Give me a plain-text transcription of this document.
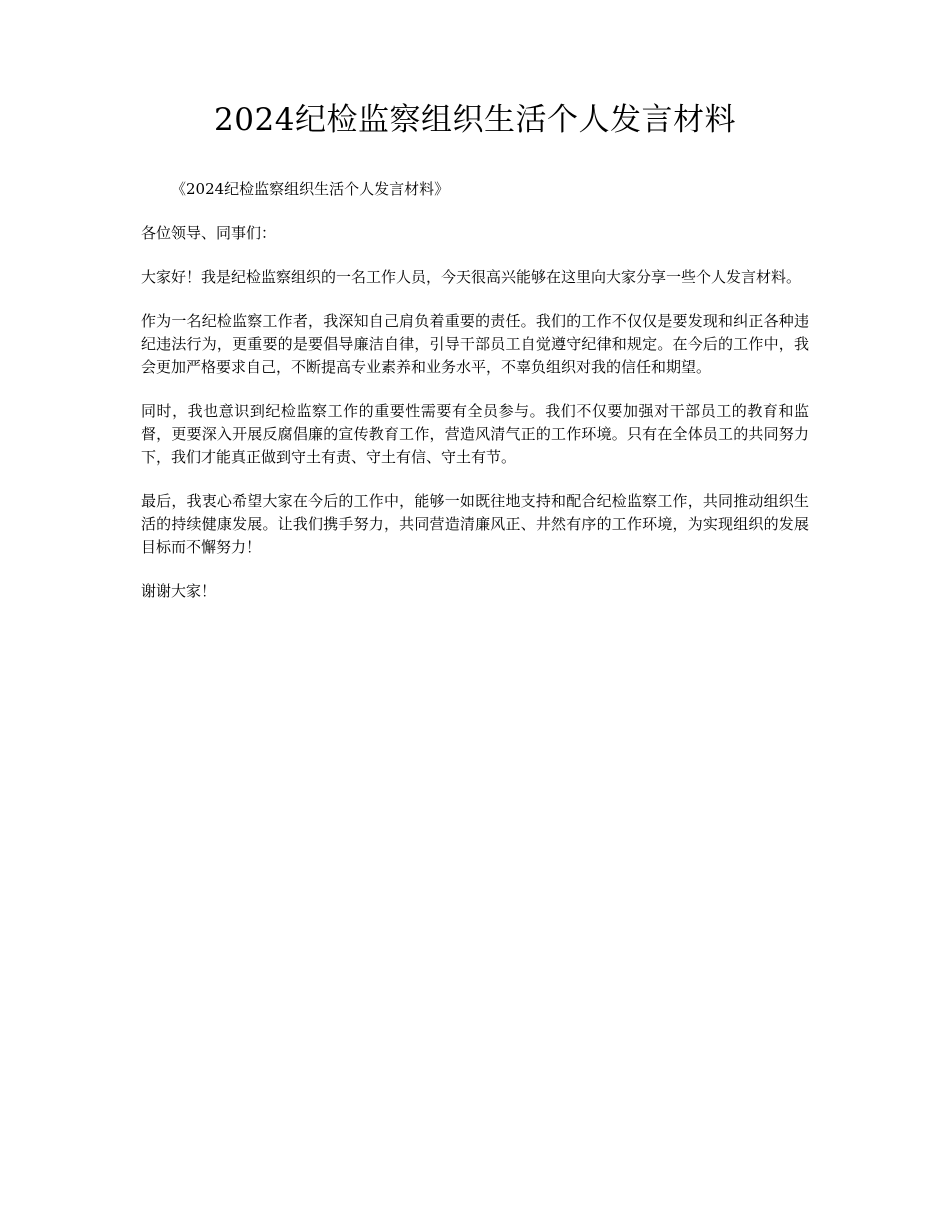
2024纪检监察组织生活个人发言材料

《2024纪检监察组织生活个人发言材料》

各位领导、同事们：

大家好！我是纪检监察组织的一名工作人员，今天很高兴能够在这里向大家分享一些个人发言材料。

作为一名纪检监察工作者，我深知自己肩负着重要的责任。我们的工作不仅仅是要发现和纠正各种违纪违法行为，更重要的是要倡导廉洁自律，引导干部员工自觉遵守纪律和规定。在今后的工作中，我会更加严格要求自己，不断提高专业素养和业务水平，不辜负组织对我的信任和期望。

同时，我也意识到纪检监察工作的重要性需要有全员参与。我们不仅要加强对干部员工的教育和监督，更要深入开展反腐倡廉的宣传教育工作，营造风清气正的工作环境。只有在全体员工的共同努力下，我们才能真正做到守土有责、守土有信、守土有节。

最后，我衷心希望大家在今后的工作中，能够一如既往地支持和配合纪检监察工作，共同推动组织生活的持续健康发展。让我们携手努力，共同营造清廉风正、井然有序的工作环境，为实现组织的发展目标而不懈努力！

谢谢大家！
